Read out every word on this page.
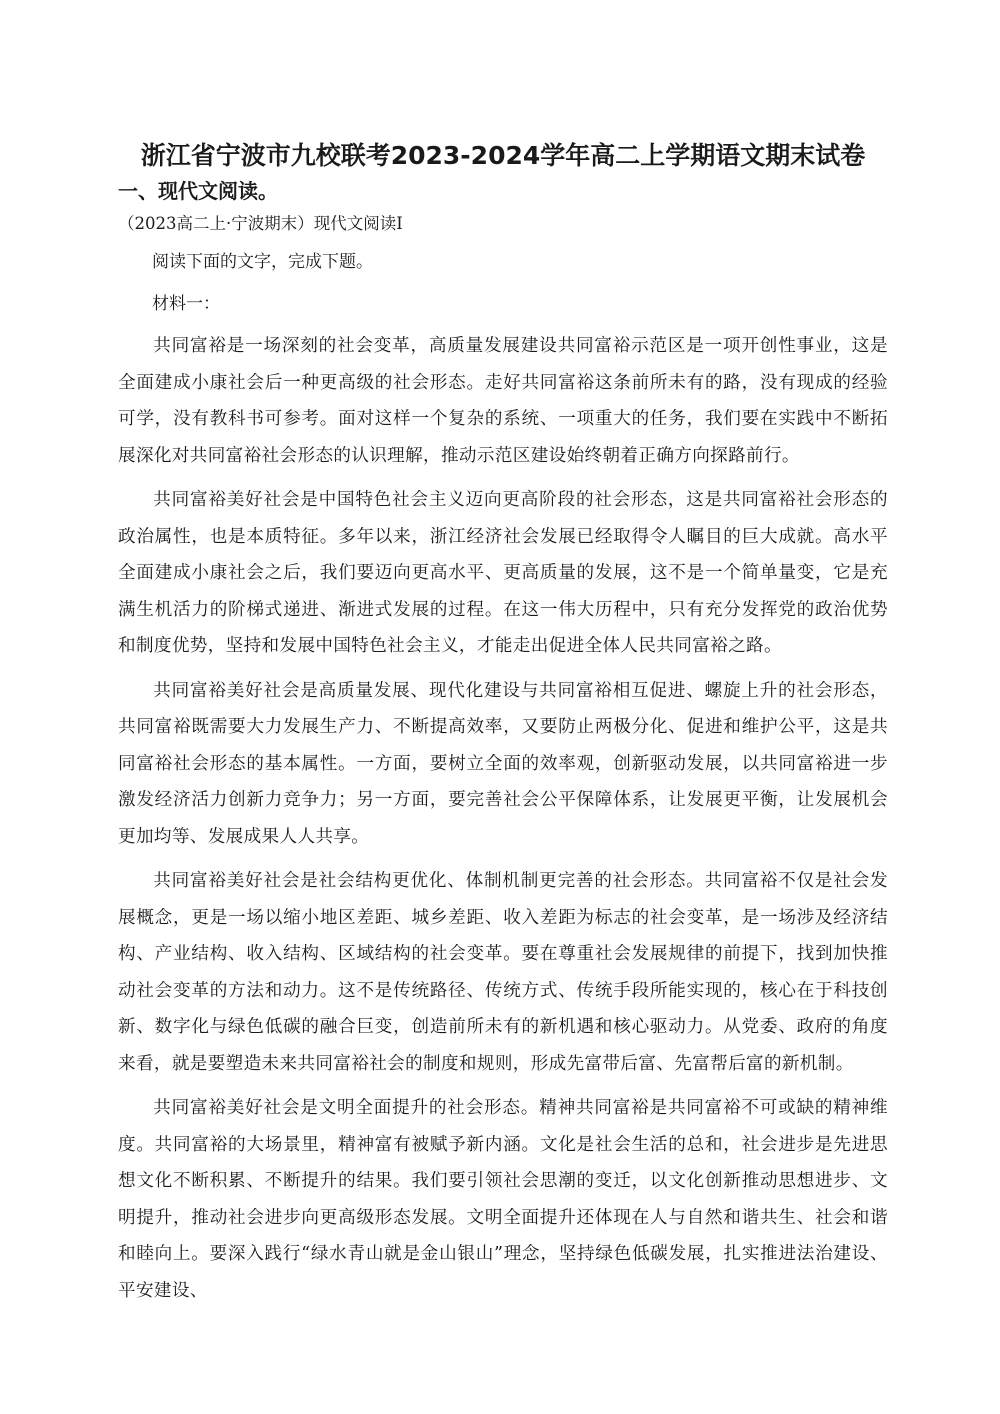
浙江省宁波市九校联考2023-2024学年高二上学期语文期末试卷
一、现代文阅读。
（2023高二上·宁波期末）现代文阅读I
阅读下面的文字，完成下题。
材料一：

共同富裕是一场深刻的社会变革，高质量发展建设共同富裕示范区是一项开创性事业，这是全面建成小康社会后一种更高级的社会形态。走好共同富裕这条前所未有的路，没有现成的经验可学，没有教科书可参考。面对这样一个复杂的系统、一项重大的任务，我们要在实践中不断拓展深化对共同富裕社会形态的认识理解，推动示范区建设始终朝着正确方向探路前行。

共同富裕美好社会是中国特色社会主义迈向更高阶段的社会形态，这是共同富裕社会形态的政治属性，也是本质特征。多年以来，浙江经济社会发展已经取得令人瞩目的巨大成就。高水平全面建成小康社会之后，我们要迈向更高水平、更高质量的发展，这不是一个简单量变，它是充满生机活力的阶梯式递进、渐进式发展的过程。在这一伟大历程中，只有充分发挥党的政治优势和制度优势，坚持和发展中国特色社会主义，才能走出促进全体人民共同富裕之路。

共同富裕美好社会是高质量发展、现代化建设与共同富裕相互促进、螺旋上升的社会形态，共同富裕既需要大力发展生产力、不断提高效率，又要防止两极分化、促进和维护公平，这是共同富裕社会形态的基本属性。一方面，要树立全面的效率观，创新驱动发展，以共同富裕进一步激发经济活力创新力竞争力；另一方面，要完善社会公平保障体系，让发展更平衡，让发展机会更加均等、发展成果人人共享。

共同富裕美好社会是社会结构更优化、体制机制更完善的社会形态。共同富裕不仅是社会发展概念，更是一场以缩小地区差距、城乡差距、收入差距为标志的社会变革，是一场涉及经济结构、产业结构、收入结构、区域结构的社会变革。要在尊重社会发展规律的前提下，找到加快推动社会变革的方法和动力。这不是传统路径、传统方式、传统手段所能实现的，核心在于科技创新、数字化与绿色低碳的融合巨变，创造前所未有的新机遇和核心驱动力。从党委、政府的角度来看，就是要塑造未来共同富裕社会的制度和规则，形成先富带后富、先富帮后富的新机制。

共同富裕美好社会是文明全面提升的社会形态。精神共同富裕是共同富裕不可或缺的精神维度。共同富裕的大场景里，精神富有被赋予新内涵。文化是社会生活的总和，社会进步是先进思想文化不断积累、不断提升的结果。我们要引领社会思潮的变迁，以文化创新推动思想进步、文明提升，推动社会进步向更高级形态发展。文明全面提升还体现在人与自然和谐共生、社会和谐和睦向上。要深入践行“绿水青山就是金山银山”理念，坚持绿色低碳发展，扎实推进法治建设、平安建设、
